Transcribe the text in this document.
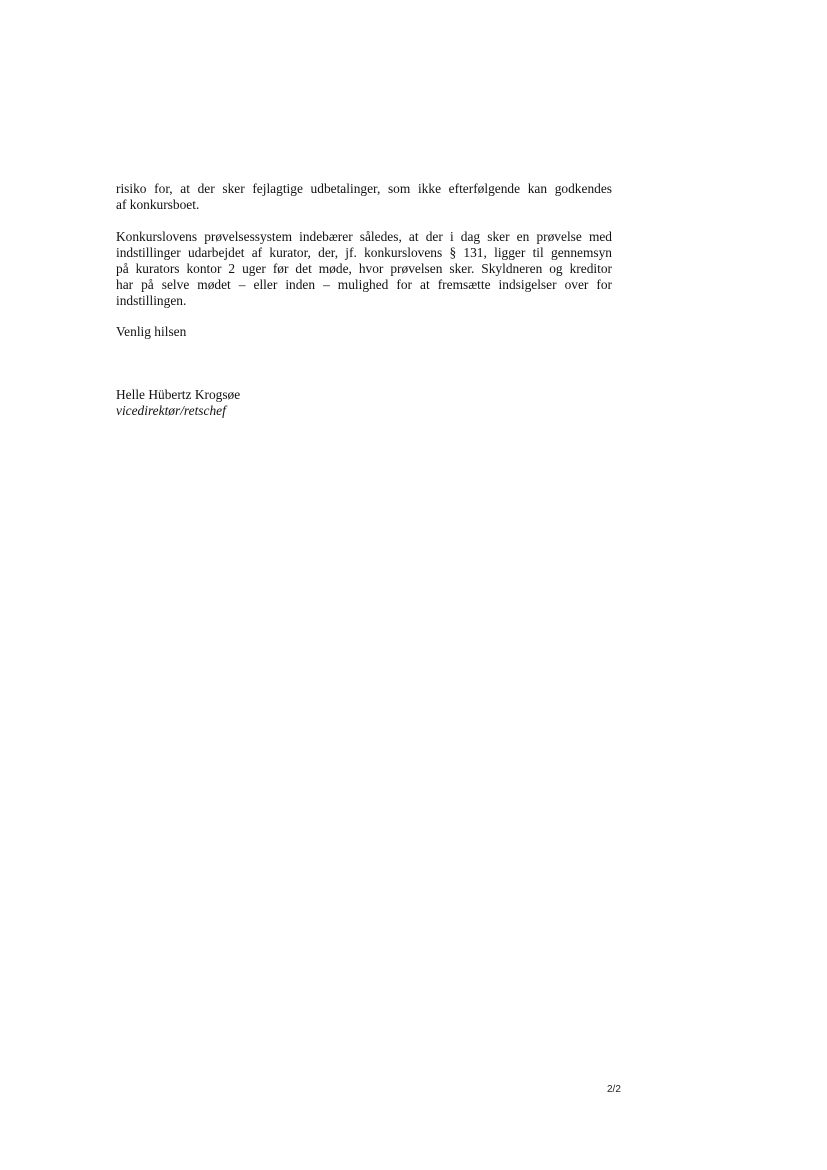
risiko for, at der sker fejlagtige udbetalinger, som ikke efterfølgende kan godkendes
af konkursboet.

Konkurslovens prøvelsessystem indebærer således, at der i dag sker en prøvelse med
indstillinger udarbejdet af kurator, der, jf. konkurslovens § 131, ligger til gennemsyn
på kurators kontor 2 uger før det møde, hvor prøvelsen sker. Skyldneren og kreditor
har på selve mødet – eller inden – mulighed for at fremsætte indsigelser over for
indstillingen.

Venlig hilsen

Helle Hübertz Krogsøe
vicedirektør/retschef
2/2
